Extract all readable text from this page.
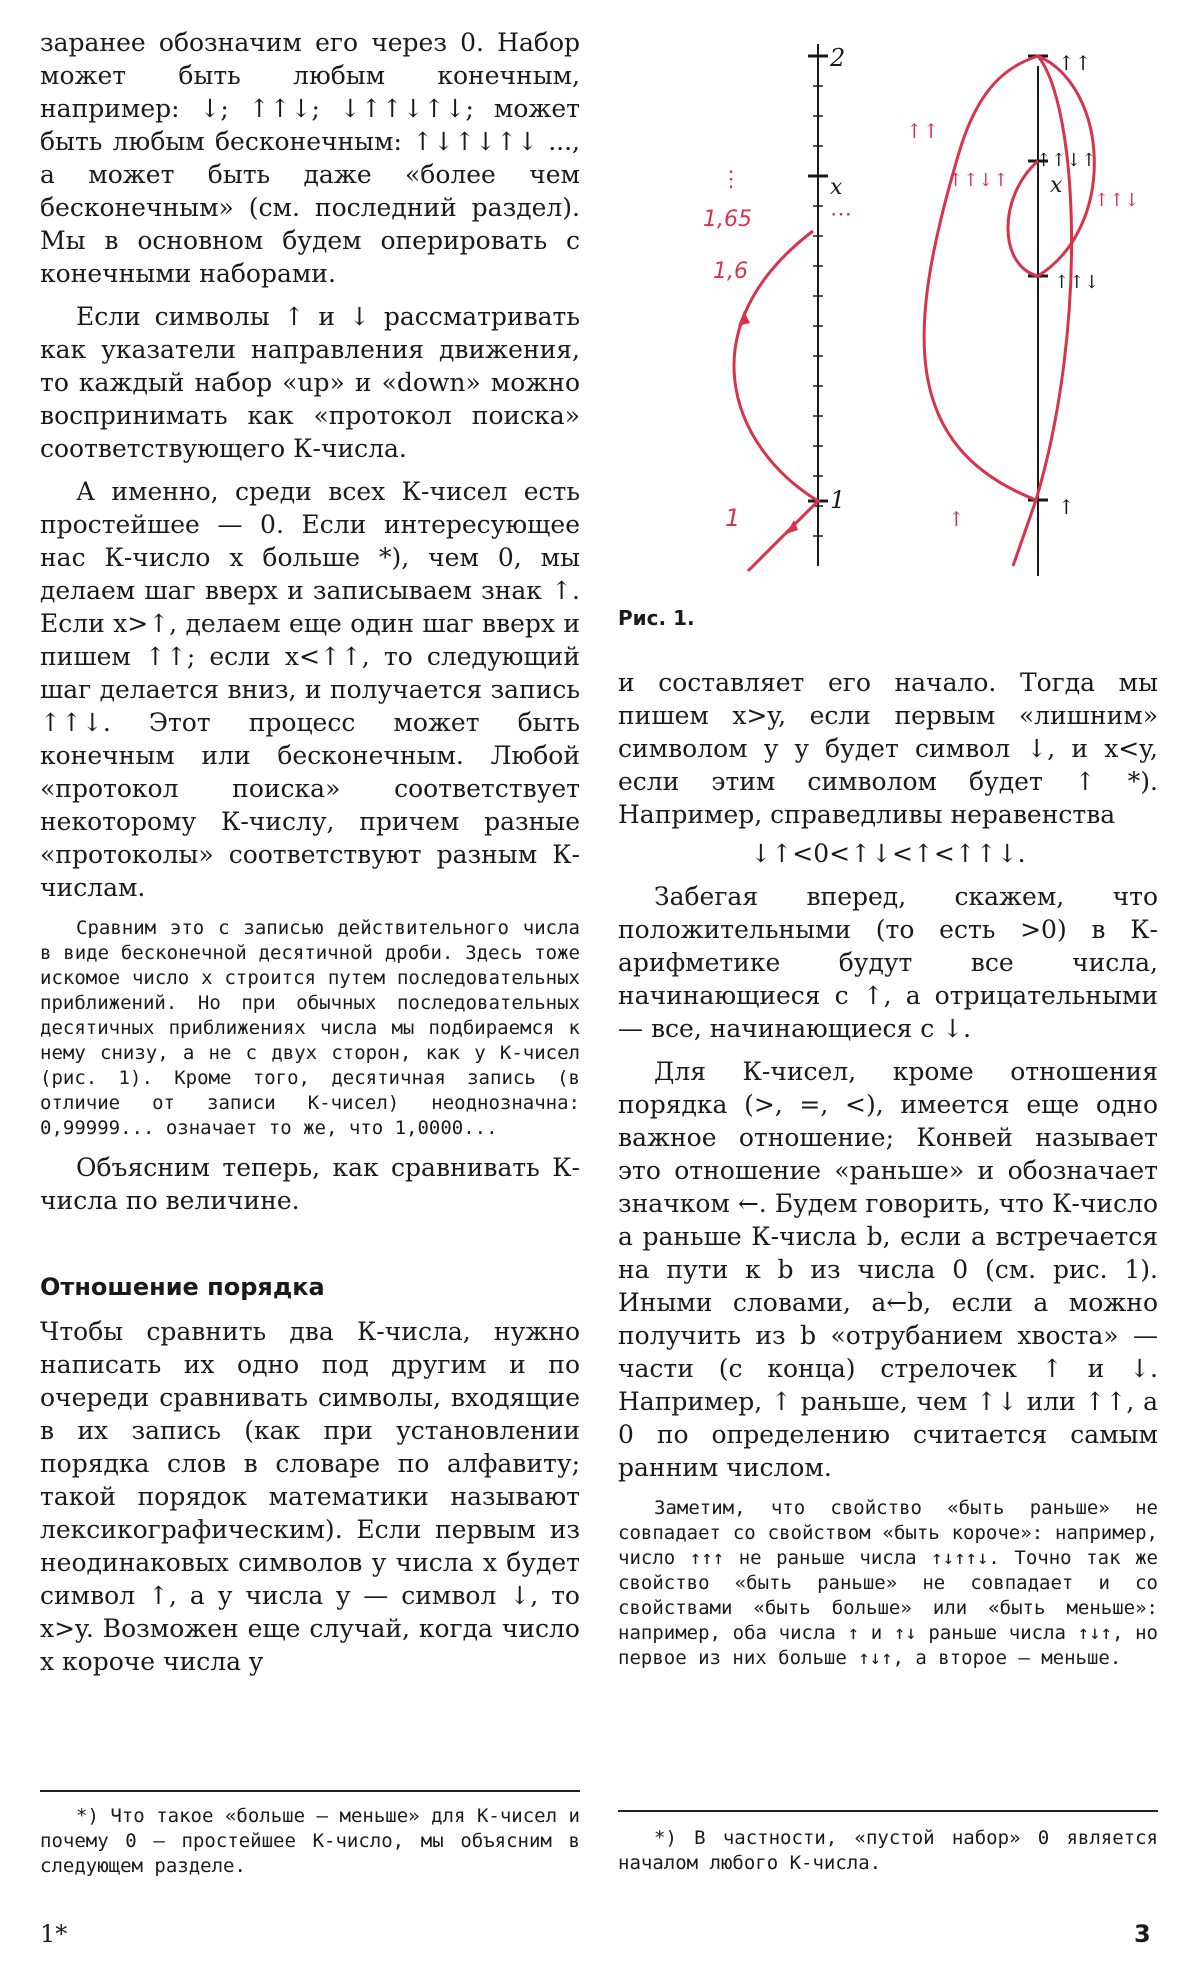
заранее обозначим его через 0. Набор может быть любым конечным, например: ↓; ↑↑↓; ↓↑↑↓↑↓; может быть любым бесконечным: ↑↓↑↓↑↓ ..., а может быть даже «более чем бесконечным» (см. последний раздел). Мы в основном будем оперировать с конечными наборами.

Если символы ↑ и ↓ рассматривать как указатели направления движения, то каждый набор «up» и «down» можно воспринимать как «протокол поиска» соответствующего К-числа.

А именно, среди всех К-чисел есть простейшее — 0. Если интересующее нас К-число x больше *), чем 0, мы делаем шаг вверх и записываем знак ↑. Если x>↑, делаем еще один шаг вверх и пишем ↑↑; если x<↑↑, то следующий шаг делается вниз, и получается запись ↑↑↓. Этот процесс может быть конечным или бесконечным. Любой «протокол поиска» соответствует некоторому К-числу, причем разные «протоколы» соответствуют разным К-числам.

Сравним это с записью действительного числа в виде бесконечной десятичной дроби. Здесь тоже искомое число x строится путем последовательных приближений. Но при обычных последовательных десятичных приближениях числа мы подбираемся к нему снизу, а не с двух сторон, как у К-чисел (рис. 1). Кроме того, десятичная запись (в отличие от записи К-чисел) неоднозначна: 0,99999... означает то же, что 1,0000...

Объясним теперь, как сравнивать К-числа по величине.

Отношение порядка

Чтобы сравнить два К-числа, нужно написать их одно под другим и по очереди сравнивать символы, входящие в их запись (как при установлении порядка слов в словаре по алфавиту; такой порядок математики называют лексикографическим). Если первым из неодинаковых символов у числа x будет символ ↑, а у числа y — символ ↓, то x>y. Возможен еще случай, когда число x короче числа y

*) Что такое «больше — меньше» для К-чисел и почему 0 — простейшее К-число, мы объясним в следующем разделе.
1*
2
1
x
1,65
1,6
1
⋮
⋯
x
↑↑
↑↑
↑↑↓↑
↑↑↓↑
↑↑↓
↑↑↓
↑
↑
Рис. 1.

и составляет его начало. Тогда мы пишем x>y, если первым «лишним» символом у y будет символ ↓, и x<y, если этим символом будет ↑ *). Например, справедливы неравенства

↓↑<0<↑↓<↑<↑↑↓.

Забегая вперед, скажем, что положительными (то есть >0) в К-арифметике будут все числа, начинающиеся с ↑, а отрицательными — все, начинающиеся с ↓.

Для К-чисел, кроме отношения порядка (>, =, <), имеется еще одно важное отношение; Конвей называет это отношение «раньше» и обозначает значком ←. Будем говорить, что К-число a раньше К-числа b, если a встречается на пути к b из числа 0 (см. рис. 1). Иными словами, a←b, если a можно получить из b «отрубанием хвоста» — части (с конца) стрелочек ↑ и ↓. Например, ↑ раньше, чем ↑↓ или ↑↑, а 0 по определению считается самым ранним числом.

Заметим, что свойство «быть раньше» не совпадает со свойством «быть короче»: например, число ↑↑↑ не раньше числа ↑↓↑↑↓. Точно так же свойство «быть раньше» не совпадает и со свойствами «быть больше» или «быть меньше»: например, оба числа ↑ и ↑↓ раньше числа ↑↓↑, но первое из них больше ↑↓↑, а второе — меньше.

*) В частности, «пустой набор» 0 является началом любого К-числа.
3
